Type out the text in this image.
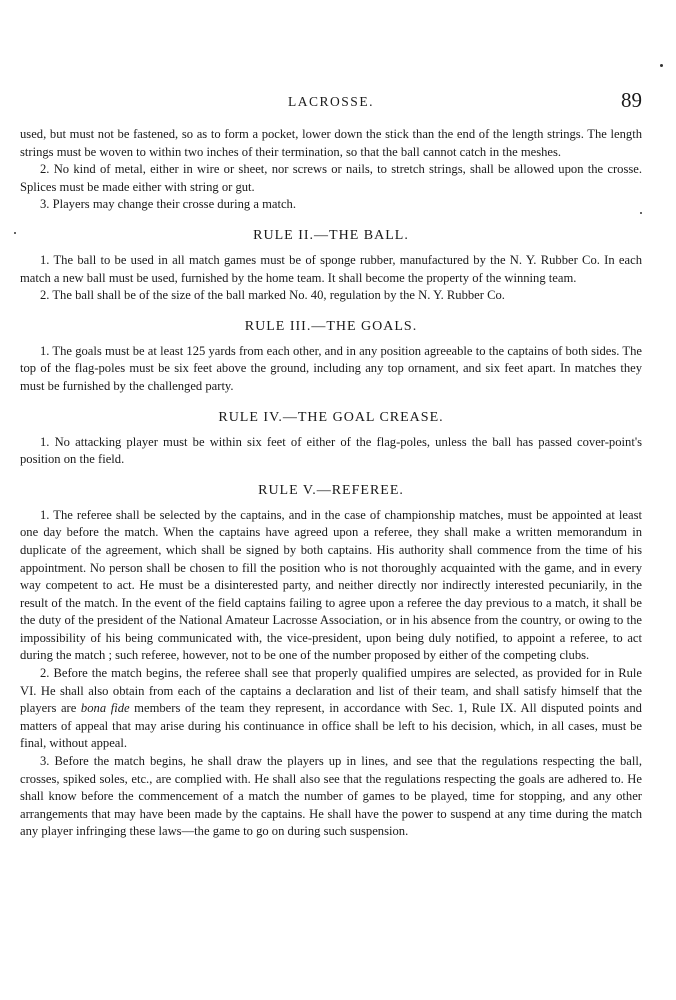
LACROSSE.	89

used, but must not be fastened, so as to form a pocket, lower down the stick than the end of the length strings. The length strings must be woven to within two inches of their termination, so that the ball cannot catch in the meshes.

2. No kind of metal, either in wire or sheet, nor screws or nails, to stretch strings, shall be allowed upon the crosse. Splices must be made either with string or gut.

3. Players may change their crosse during a match.

RULE II.—THE BALL.

1. The ball to be used in all match games must be of sponge rubber, manufactured by the N. Y. Rubber Co. In each match a new ball must be used, furnished by the home team. It shall become the property of the winning team.

2. The ball shall be of the size of the ball marked No. 40, regulation by the N. Y. Rubber Co.

RULE III.—THE GOALS.

1. The goals must be at least 125 yards from each other, and in any position agreeable to the captains of both sides. The top of the flag-poles must be six feet above the ground, including any top ornament, and six feet apart. In matches they must be furnished by the challenged party.

RULE IV.—THE GOAL CREASE.

1. No attacking player must be within six feet of either of the flag-poles, unless the ball has passed cover-point's position on the field.

RULE V.—REFEREE.

1. The referee shall be selected by the captains, and in the case of championship matches, must be appointed at least one day before the match. When the captains have agreed upon a referee, they shall make a written memorandum in duplicate of the agreement, which shall be signed by both captains. His authority shall commence from the time of his appointment. No person shall be chosen to fill the position who is not thoroughly acquainted with the game, and in every way competent to act. He must be a disinterested party, and neither directly nor indirectly interested pecuniarily, in the result of the match. In the event of the field captains failing to agree upon a referee the day previous to a match, it shall be the duty of the president of the National Amateur Lacrosse Association, or in his absence from the country, or owing to the impossibility of his being communicated with, the vice-president, upon being duly notified, to appoint a referee, to act during the match ; such referee, however, not to be one of the number proposed by either of the competing clubs.

2. Before the match begins, the referee shall see that properly qualified umpires are selected, as provided for in Rule VI. He shall also obtain from each of the captains a declaration and list of their team, and shall satisfy himself that the players are bona fide members of the team they represent, in accordance with Sec. 1, Rule IX. All disputed points and matters of appeal that may arise during his continuance in office shall be left to his decision, which, in all cases, must be final, without appeal.

3. Before the match begins, he shall draw the players up in lines, and see that the regulations respecting the ball, crosses, spiked soles, etc., are complied with. He shall also see that the regulations respecting the goals are adhered to. He shall know before the commencement of a match the number of games to be played, time for stopping, and any other arrangements that may have been made by the captains. He shall have the power to suspend at any time during the match any player infringing these laws—the game to go on during such suspension.
